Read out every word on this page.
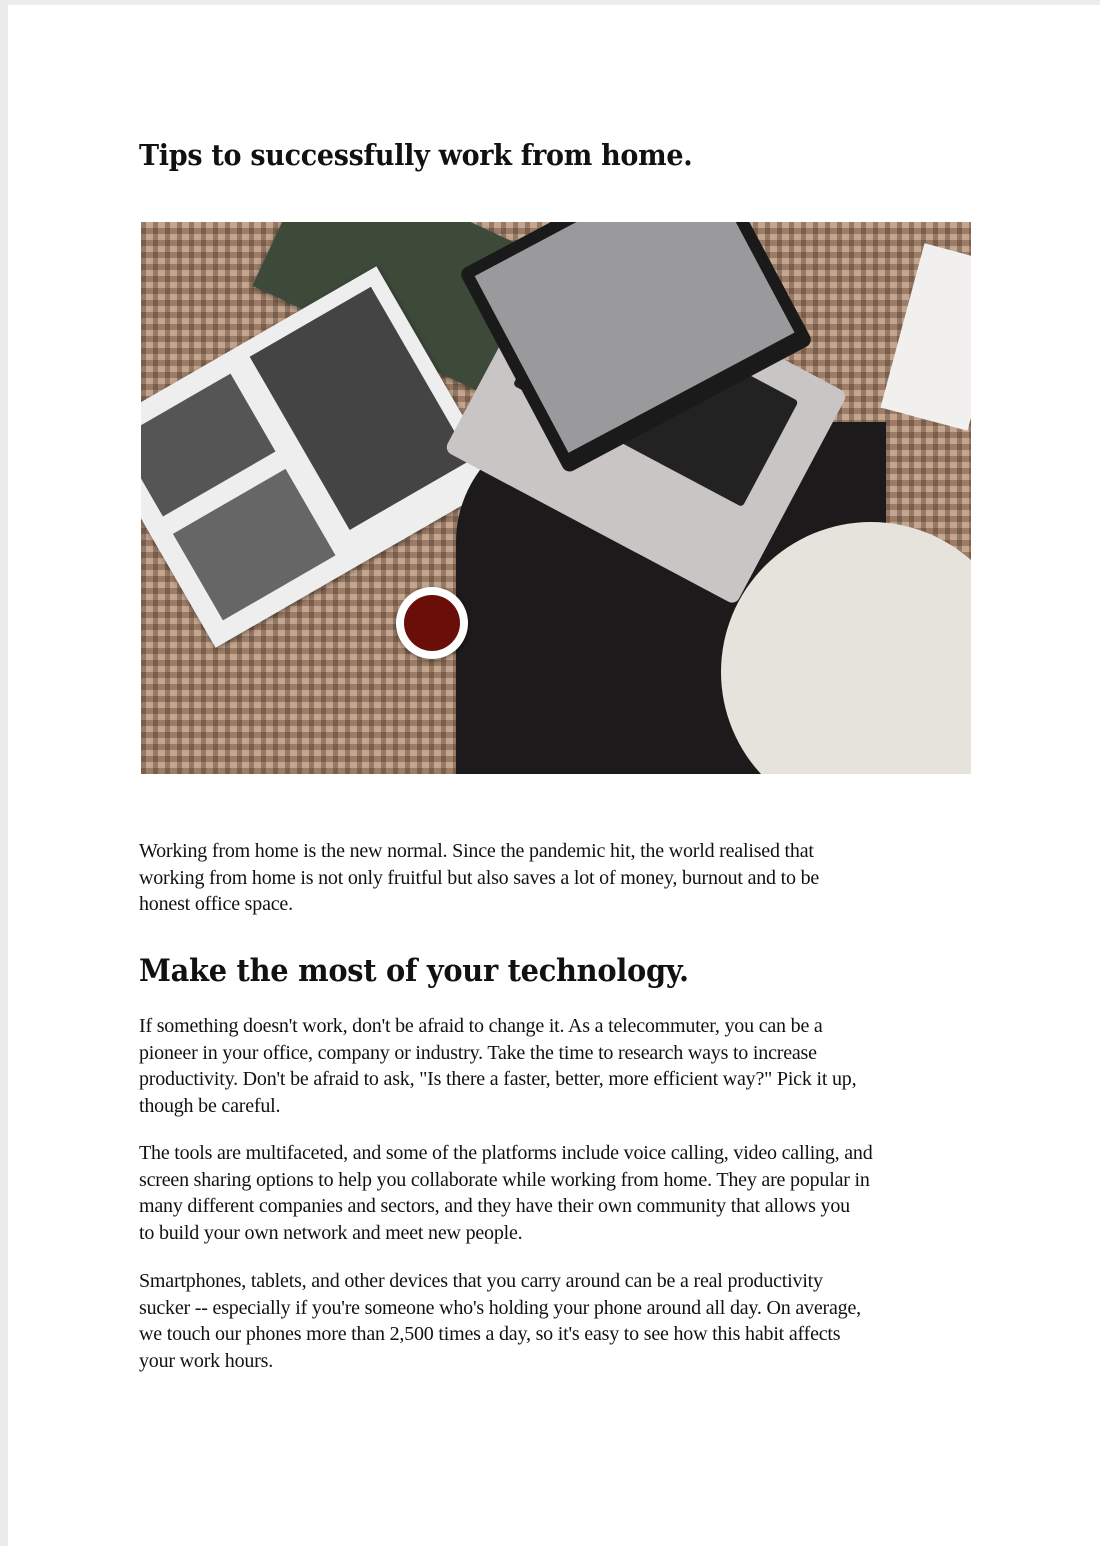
Tips to successfully work from home.

Working from home is the new normal. Since the pandemic hit, the world realised that
working from home is not only fruitful but also saves a lot of money, burnout and to be
honest office space.

Make the most of your technology.

If something doesn't work, don't be afraid to change it. As a telecommuter, you can be a
pioneer in your office, company or industry. Take the time to research ways to increase
productivity. Don't be afraid to ask, "Is there a faster, better, more efficient way?" Pick it up,
though be careful.

The tools are multifaceted, and some of the platforms include voice calling, video calling, and
screen sharing options to help you collaborate while working from home. They are popular in
many different companies and sectors, and they have their own community that allows you
to build your own network and meet new people.

Smartphones, tablets, and other devices that you carry around can be a real productivity
sucker -- especially if you're someone who's holding your phone around all day. On average,
we touch our phones more than 2,500 times a day, so it's easy to see how this habit affects
your work hours.
